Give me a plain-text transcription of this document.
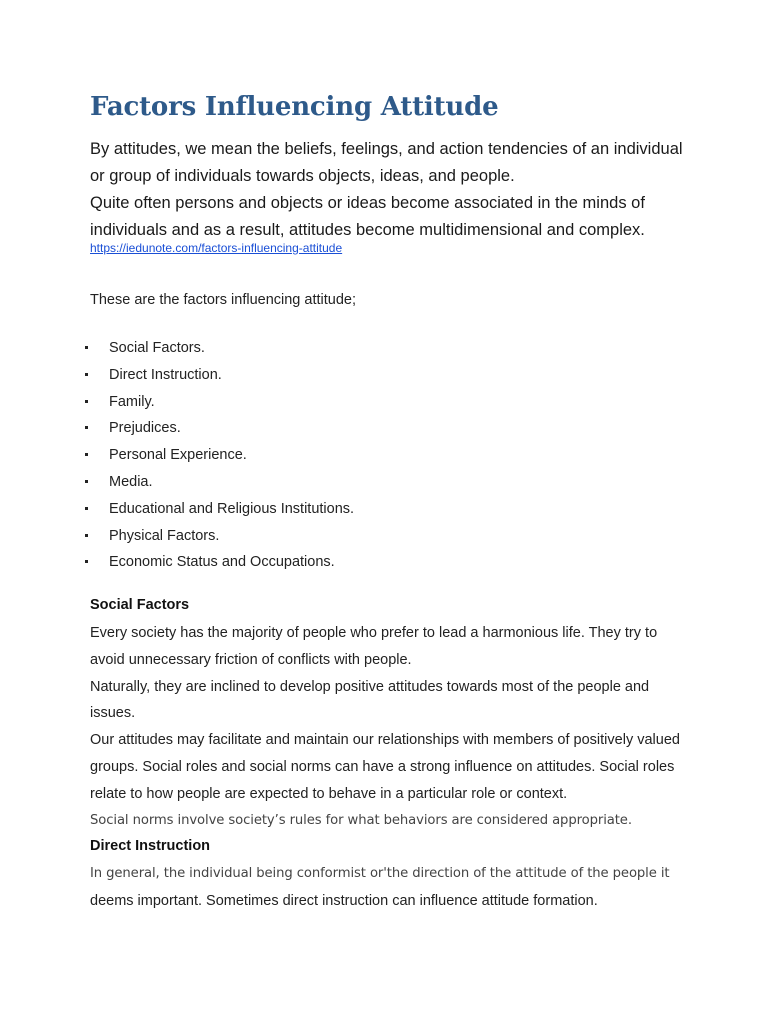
Factors Influencing Attitude

By attitudes, we mean the beliefs, feelings, and action tendencies of an individual or group of individuals towards objects, ideas, and people.

Quite often persons and objects or ideas become associated in the minds of individuals and as a result, attitudes become multidimensional and complex.

https://iedunote.com/factors-influencing-attitude
These are the factors influencing attitude;
Social Factors.
Direct Instruction.
Family.
Prejudices.
Personal Experience.
Media.
Educational and Religious Institutions.
Physical Factors.
Economic Status and Occupations.
Social Factors

Every society has the majority of people who prefer to lead a harmonious life. They try to avoid unnecessary friction of conflicts with people.

Naturally, they are inclined to develop positive attitudes towards most of the people and issues.

Our attitudes may facilitate and maintain our relationships with members of positively valued groups. Social roles and social norms can have a strong influence on attitudes. Social roles relate to how people are expected to behave in a particular role or context.

Social norms involve society’s rules for what behaviors are considered appropriate.

Direct Instruction

In general, the individual being conformist or'the direction of the attitude of the people it

deems important. Sometimes direct instruction can influence attitude formation.
